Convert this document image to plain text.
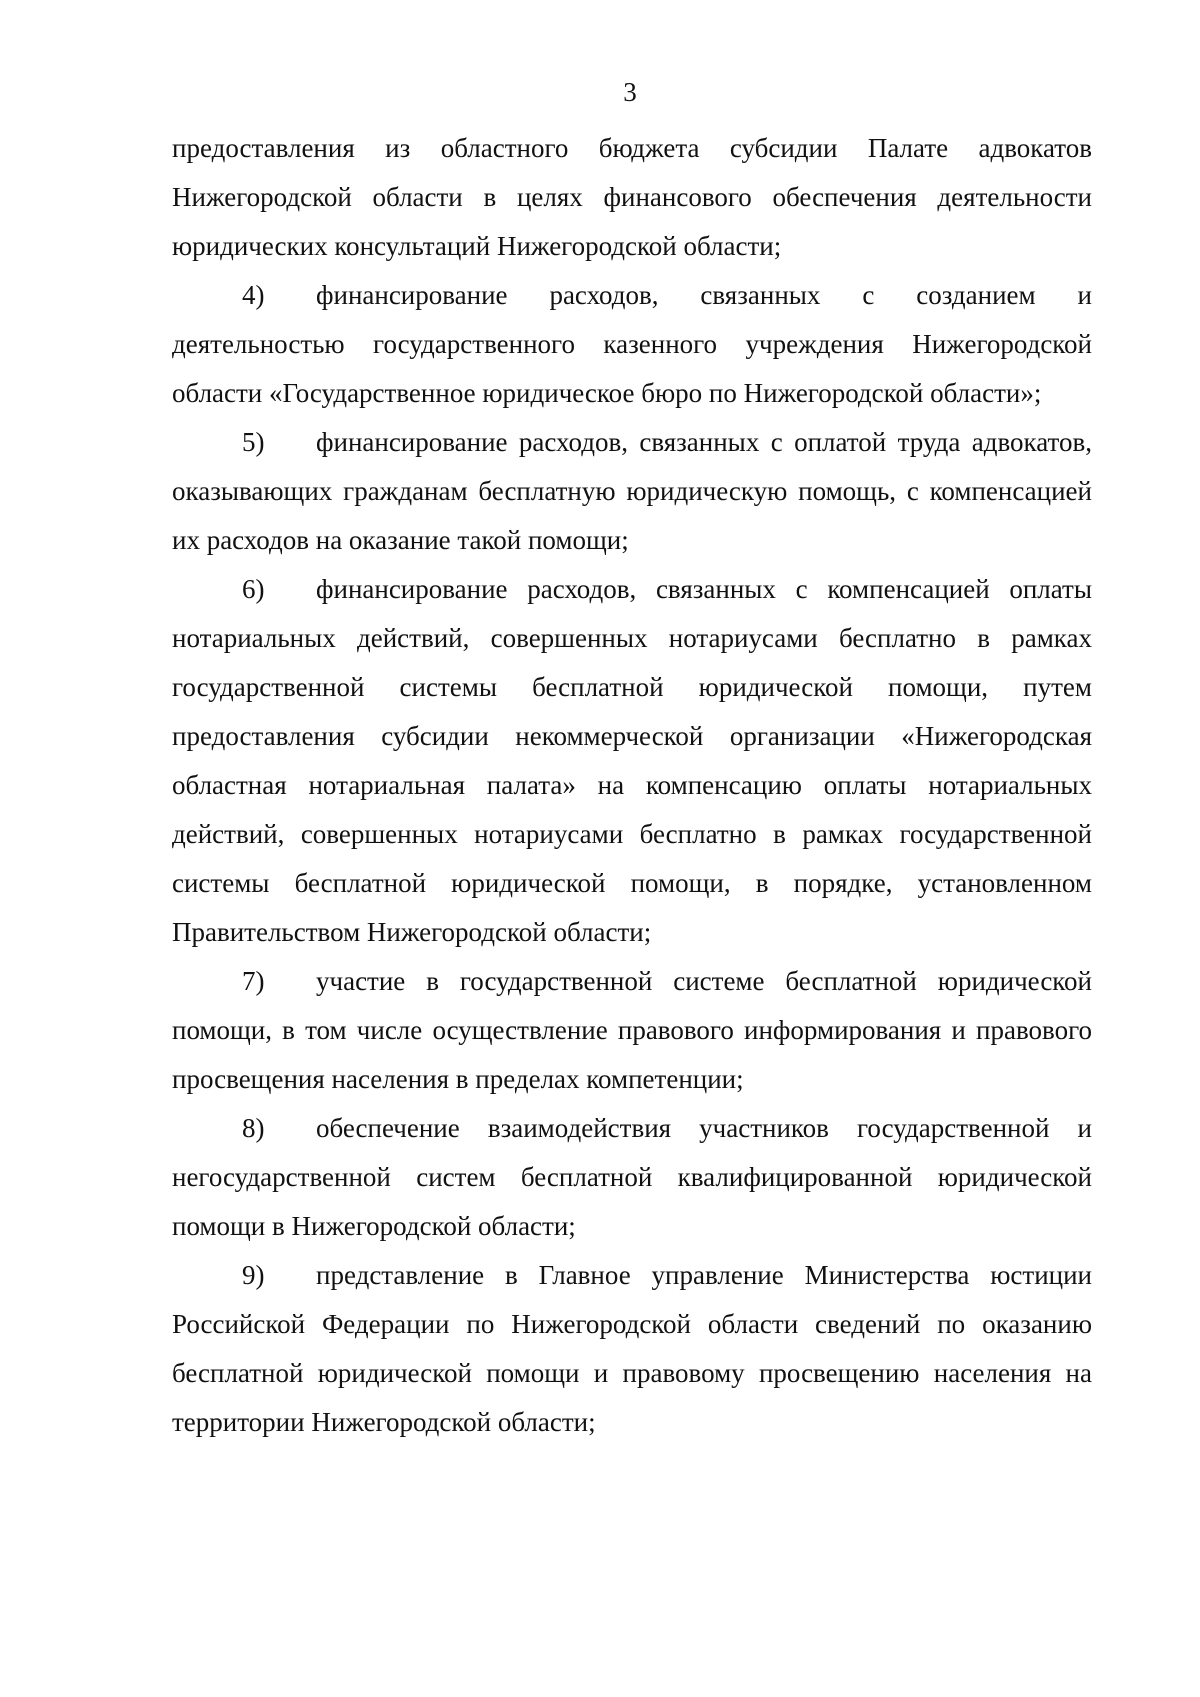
3

предоставления из областного бюджета субсидии Палате адвокатов Нижегородской области в целях финансового обеспечения деятельности юридических консультаций Нижегородской области;

4) финансирование расходов, связанных с созданием и деятельностью государственного казенного учреждения Нижегородской области «Государственное юридическое бюро по Нижегородской области»;

5) финансирование расходов, связанных с оплатой труда адвокатов, оказывающих гражданам бесплатную юридическую помощь, с компенсацией их расходов на оказание такой помощи;

6) финансирование расходов, связанных с компенсацией оплаты нотариальных действий, совершенных нотариусами бесплатно в рамках государственной системы бесплатной юридической помощи, путем предоставления субсидии некоммерческой организации «Нижегородская областная нотариальная палата» на компенсацию оплаты нотариальных действий, совершенных нотариусами бесплатно в рамках государственной системы бесплатной юридической помощи, в порядке, установленном Правительством Нижегородской области;

7) участие в государственной системе бесплатной юридической помощи, в том числе осуществление правового информирования и правового просвещения населения в пределах компетенции;

8) обеспечение взаимодействия участников государственной и негосударственной систем бесплатной квалифицированной юридической помощи в Нижегородской области;

9) представление в Главное управление Министерства юстиции Российской Федерации по Нижегородской области сведений по оказанию бесплатной юридической помощи и правовому просвещению населения на территории Нижегородской области;
